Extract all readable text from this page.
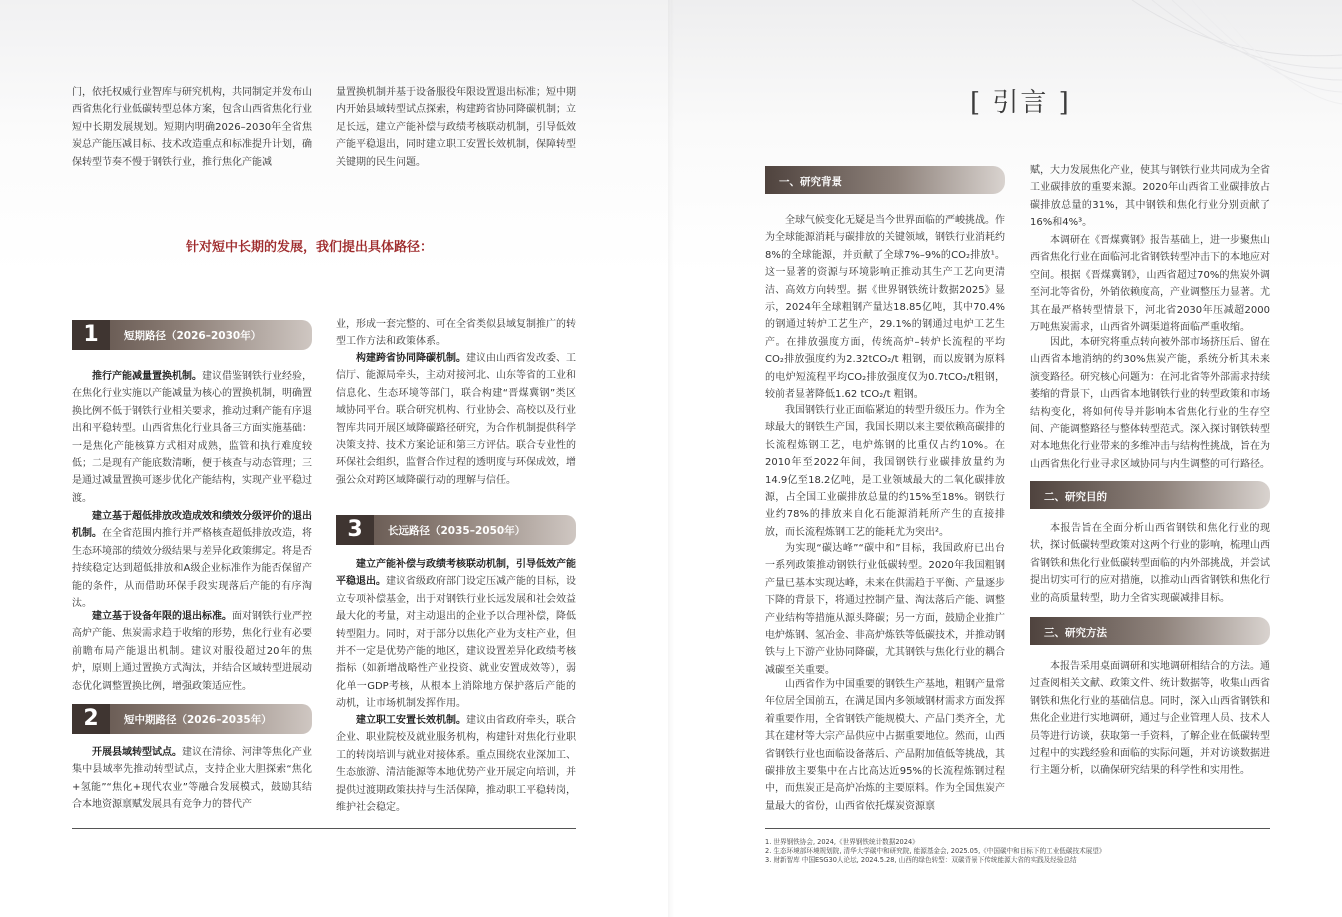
门，依托权威行业智库与研究机构，共同制定并发布山西省焦化行业低碳转型总体方案，包含山西省焦化行业短中长期发展规划。短期内明确2026–2030年全省焦炭总产能压减目标、技术改造重点和标准提升计划，确保转型节奏不慢于钢铁行业，推行焦化产能减

量置换机制并基于设备服役年限设置退出标准；短中期内开始县域转型试点探索，构建跨省协同降碳机制；立足长远，建立产能补偿与政绩考核联动机制，引导低效产能平稳退出，同时建立职工安置长效机制，保障转型关键期的民生问题。

针对短中长期的发展，我们提出具体路径：
1	短期路径（2026–2030年）

推行产能减量置换机制。建议借鉴钢铁行业经验，在焦化行业实施以产能减量为核心的置换机制，明确置换比例不低于钢铁行业相关要求，推动过剩产能有序退出和平稳转型。山西省焦化行业具备三方面实施基础：一是焦化产能核算方式相对成熟，监管和执行难度较低；二是现有产能底数清晰，便于核查与动态管理；三是通过减量置换可逐步优化产能结构，实现产业平稳过渡。

建立基于超低排放改造成效和绩效分级评价的退出机制。在全省范围内推行并严格核查超低排放改造，将生态环境部的绩效分级结果与差异化政策绑定。将是否持续稳定达到超低排放和A级企业标准作为能否保留产能的条件，从而借助环保手段实现落后产能的有序淘汰。

建立基于设备年限的退出标准。面对钢铁行业严控高炉产能、焦炭需求趋于收缩的形势，焦化行业有必要前瞻布局产能退出机制。建议对服役超过20年的焦炉，原则上通过置换方式淘汰，并结合区域转型进展动态优化调整置换比例，增强政策适应性。

2	短中期路径（2026–2035年）

开展县域转型试点。建议在清徐、河津等焦化产业集中县域率先推动转型试点，支持企业大胆探索“焦化+氢能”“焦化+现代农业”等融合发展模式，鼓励其结合本地资源禀赋发展具有竞争力的替代产

业，形成一套完整的、可在全省类似县域复制推广的转型工作方法和政策体系。

构建跨省协同降碳机制。建议由山西省发改委、工信厅、能源局牵头，主动对接河北、山东等省的工业和信息化、生态环境等部门，联合构建“晋煤冀钢”类区域协同平台。联合研究机构、行业协会、高校以及行业智库共同开展区域降碳路径研究，为合作机制提供科学决策支持、技术方案论证和第三方评估。联合专业性的环保社会组织，监督合作过程的透明度与环保成效，增强公众对跨区域降碳行动的理解与信任。

3	长远路径（2035–2050年）

建立产能补偿与政绩考核联动机制，引导低效产能平稳退出。建议省级政府部门设定压减产能的目标，设立专项补偿基金，出于对钢铁行业长远发展和社会效益最大化的考量，对主动退出的企业予以合理补偿，降低转型阻力。同时，对于部分以焦化产业为支柱产业，但并不一定是优势产能的地区，建议设置差异化政绩考核指标（如新增战略性产业投资、就业安置成效等），弱化单一GDP考核，从根本上消除地方保护落后产能的动机，让市场机制发挥作用。

建立职工安置长效机制。建议由省政府牵头，联合企业、职业院校及就业服务机构，构建针对焦化行业职工的转岗培训与就业对接体系。重点围绕农业深加工、生态旅游、清洁能源等本地优势产业开展定向培训，并提供过渡期政策扶持与生活保障，推动职工平稳转岗，维护社会稳定。

[ 引言 ]
一、研究背景

全球气候变化无疑是当今世界面临的严峻挑战。作为全球能源消耗与碳排放的关键领域，钢铁行业消耗约8%的全球能源，并贡献了全球7%–9%的CO₂排放¹。这一显著的资源与环境影响正推动其生产工艺向更清洁、高效方向转型。据《世界钢铁统计数据2025》显示，2024年全球粗钢产量达18.85亿吨，其中70.4%的钢通过转炉工艺生产，29.1%的钢通过电炉工艺生产。在排放强度方面，传统高炉–转炉长流程的平均CO₂排放强度约为2.32tCO₂/t 粗钢，而以废钢为原料的电炉短流程平均CO₂排放强度仅为0.7tCO₂/t粗钢，较前者显著降低1.62 tCO₂/t 粗钢。

我国钢铁行业正面临紧迫的转型升级压力。作为全球最大的钢铁生产国，我国长期以来主要依赖高碳排的长流程炼钢工艺，电炉炼钢的比重仅占约10%。在2010年至2022年间，我国钢铁行业碳排放量约为14.9亿至18.2亿吨，是工业领域最大的二氧化碳排放源，占全国工业碳排放总量的约15%至18%。钢铁行业约78%的排放来自化石能源消耗所产生的直接排放，而长流程炼钢工艺的能耗尤为突出²。

为实现“碳达峰”“碳中和”目标，我国政府已出台一系列政策推动钢铁行业低碳转型。2020年我国粗钢产量已基本实现达峰，未来在供需趋于平衡、产量逐步下降的背景下，将通过控制产量、淘汰落后产能、调整产业结构等措施从源头降碳；另一方面，鼓励企业推广电炉炼钢、氢冶金、非高炉炼铁等低碳技术，并推动钢铁与上下游产业协同降碳，尤其钢铁与焦化行业的耦合减碳至关重要。

山西省作为中国重要的钢铁生产基地，粗钢产量常年位居全国前五，在满足国内多领域钢材需求方面发挥着重要作用，全省钢铁产能规模大、产品门类齐全，尤其在建材等大宗产品供应中占据重要地位。然而，山西省钢铁行业也面临设备落后、产品附加值低等挑战，其碳排放主要集中在占比高达近95%的长流程炼钢过程中，而焦炭正是高炉冶炼的主要原料。作为全国焦炭产量最大的省份，山西省依托煤炭资源禀

赋，大力发展焦化产业，使其与钢铁行业共同成为全省工业碳排放的重要来源。2020年山西省工业碳排放占碳排放总量的31%，其中钢铁和焦化行业分别贡献了16%和4%³。

本调研在《晋煤冀钢》报告基础上，进一步聚焦山西省焦化行业在面临河北省钢铁转型冲击下的本地应对空间。根据《晋煤冀钢》，山西省超过70%的焦炭外调至河北等省份，外销依赖度高，产业调整压力显著。尤其在最严格转型情景下，河北省2030年压减超2000万吨焦炭需求，山西省外调渠道将面临严重收缩。

因此，本研究将重点转向被外部市场挤压后、留在山西省本地消纳的约30%焦炭产能，系统分析其未来演变路径。研究核心问题为：在河北省等外部需求持续萎缩的背景下，山西省本地钢铁行业的转型政策和市场结构变化，将如何传导并影响本省焦化行业的生存空间、产能调整路径与整体转型范式。深入探讨钢铁转型对本地焦化行业带来的多维冲击与结构性挑战，旨在为山西省焦化行业寻求区域协同与内生调整的可行路径。

二、研究目的

本报告旨在全面分析山西省钢铁和焦化行业的现状，探讨低碳转型政策对这两个行业的影响，梳理山西省钢铁和焦化行业低碳转型面临的内外部挑战，并尝试提出切实可行的应对措施，以推动山西省钢铁和焦化行业的高质量转型，助力全省实现碳减排目标。

三、研究方法

本报告采用桌面调研和实地调研相结合的方法。通过查阅相关文献、政策文件、统计数据等，收集山西省钢铁和焦化行业的基础信息。同时，深入山西省钢铁和焦化企业进行实地调研，通过与企业管理人员、技术人员等进行访谈，获取第一手资料，了解企业在低碳转型过程中的实践经验和面临的实际问题，并对访谈数据进行主题分析，以确保研究结果的科学性和实用性。

1. 世界钢铁协会, 2024,《世界钢铁统计数据2024》
2. 生态环境部环境规划院, 清华大学碳中和研究院, 能源基金会, 2025.05,《中国碳中和目标下的工业低碳技术展望》
3. 财新智库 中国ESG30人论坛, 2024.5.28, 山西的绿色转型：双碳背景下传统能源大省的实践及经验总结
